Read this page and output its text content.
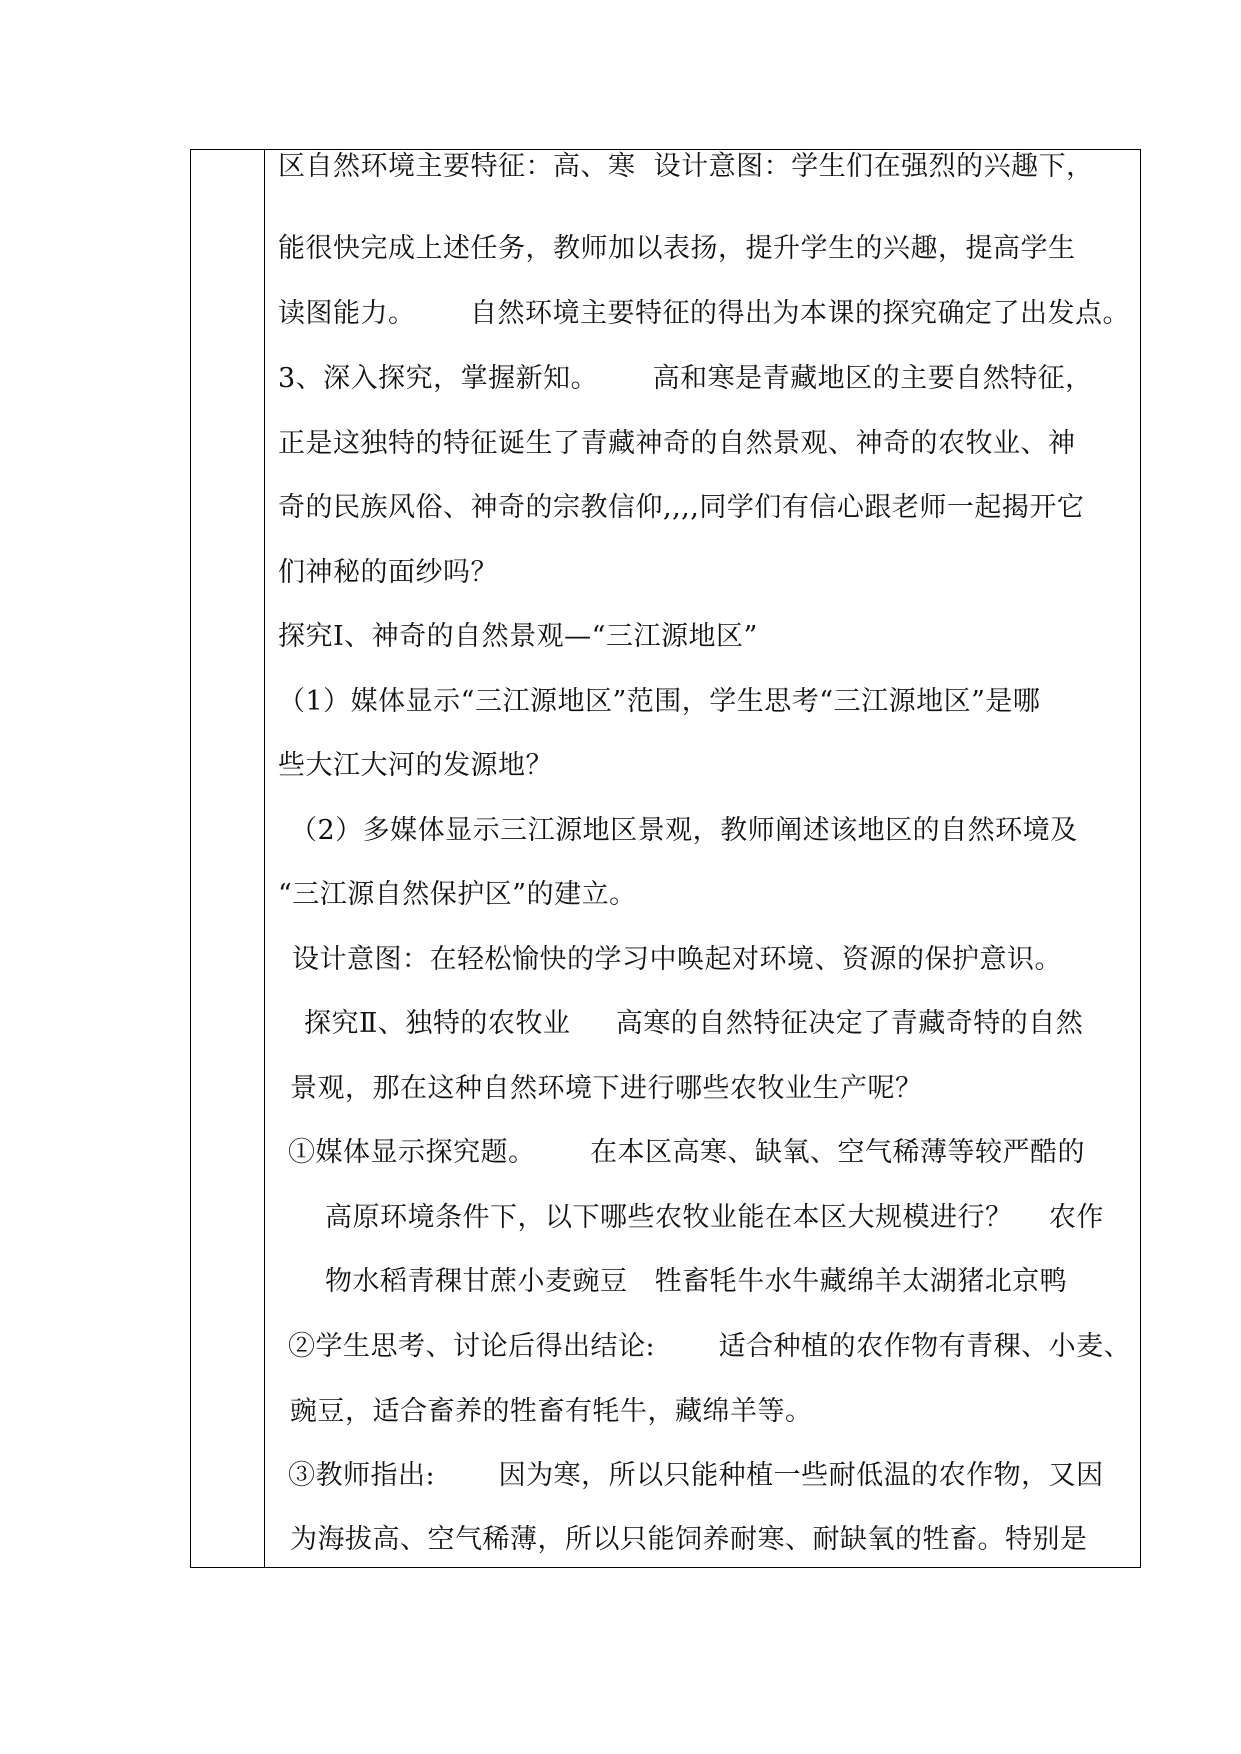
区自然环境主要特征：高、寒  设计意图：学生们在强烈的兴趣下，
能很快完成上述任务，教师加以表扬，提升学生的兴趣，提高学生
读图能力。      自然环境主要特征的得出为本课的探究确定了出发点。
3、深入探究，掌握新知。      高和寒是青藏地区的主要自然特征，
正是这独特的特征诞生了青藏神奇的自然景观、神奇的农牧业、神
奇的民族风俗、神奇的宗教信仰,,,,同学们有信心跟老师一起揭开它
们神秘的面纱吗？
探究Ⅰ、神奇的自然景观—“三江源地区”
（1）媒体显示“三江源地区”范围，学生思考“三江源地区”是哪
些大江大河的发源地？
（2）多媒体显示三江源地区景观，教师阐述该地区的自然环境及
“三江源自然保护区”的建立。
设计意图：在轻松愉快的学习中唤起对环境、资源的保护意识。
探究Ⅱ、独特的农牧业     高寒的自然特征决定了青藏奇特的自然
景观，那在这种自然环境下进行哪些农牧业生产呢？
①媒体显示探究题。      在本区高寒、缺氧、空气稀薄等较严酷的
高原环境条件下，以下哪些农牧业能在本区大规模进行？    农作
物水稻青稞甘蔗小麦豌豆   牲畜牦牛水牛藏绵羊太湖猪北京鸭
②学生思考、讨论后得出结论:       适合种植的农作物有青稞、小麦、
豌豆，适合畜养的牲畜有牦牛，藏绵羊等。
③教师指出:       因为寒，所以只能种植一些耐低温的农作物，又因
为海拔高、空气稀薄，所以只能饲养耐寒、耐缺氧的牲畜。特别是
